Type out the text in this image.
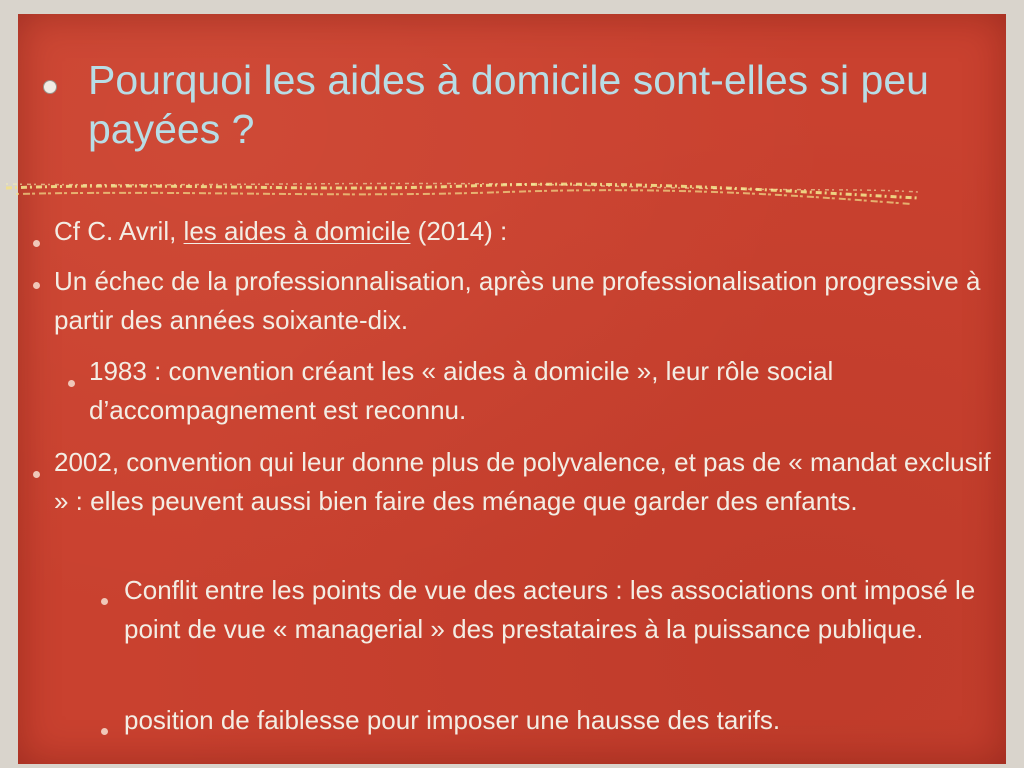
Pourquoi les aides à domicile sont-elles si peu payées ?
Cf C. Avril, les aides à domicile (2014) :
Un échec de la professionnalisation, après une professionalisation progressive à partir des années soixante-dix.
1983 : convention créant les « aides à domicile », leur rôle social d’accompagnement est reconnu.
2002, convention qui leur donne plus de polyvalence, et pas de « mandat exclusif » : elles peuvent aussi bien faire des ménage que garder des enfants.
Conflit entre les points de vue des acteurs : les associations ont imposé le point de vue « managerial » des prestataires à la puissance publique.
position de faiblesse pour imposer une hausse des tarifs.
